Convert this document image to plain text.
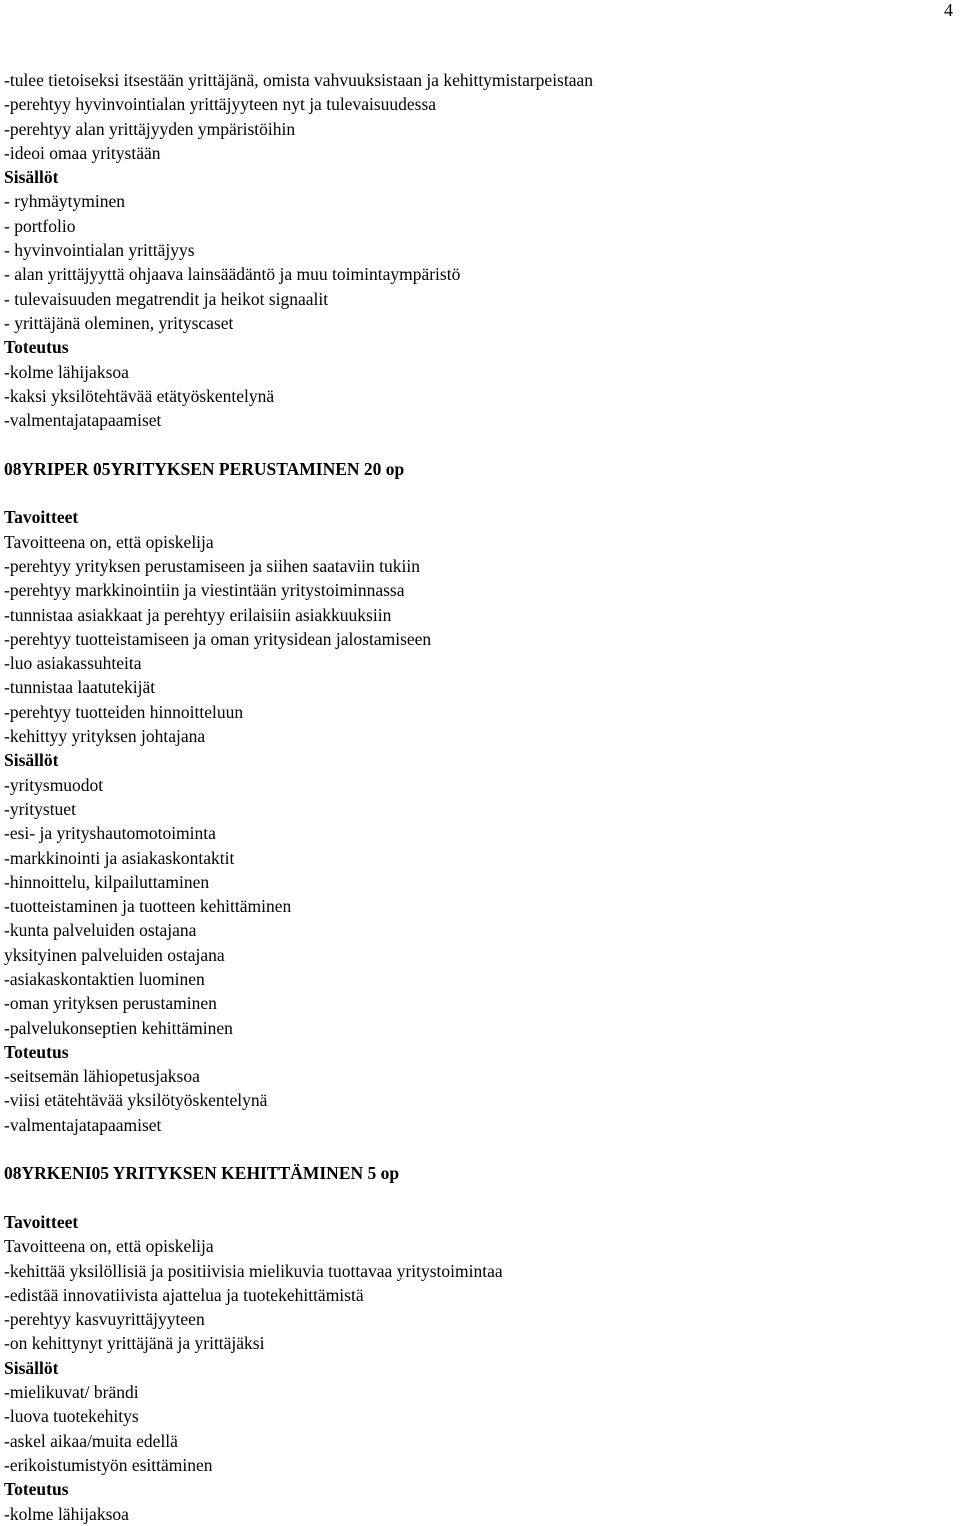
4
-tulee tietoiseksi itsestään yrittäjänä, omista vahvuuksistaan ja kehittymistarpeistaan
-perehtyy hyvinvointialan yrittäjyyteen nyt ja tulevaisuudessa
-perehtyy alan yrittäjyyden ympäristöihin
-ideoi omaa yritystään
Sisällöt
- ryhmäytyminen
- portfolio
- hyvinvointialan yrittäjyys
- alan yrittäjyyttä ohjaava lainsäädäntö ja muu toimintaympäristö
- tulevaisuuden megatrendit ja heikot signaalit
- yrittäjänä oleminen, yrityscaset
Toteutus
-kolme lähijaksoa
-kaksi yksilötehtävää etätyöskentelynä
-valmentajatapaamiset
08YRIPER 05YRITYKSEN PERUSTAMINEN 20 op
Tavoitteet
Tavoitteena on, että opiskelija
-perehtyy yrityksen perustamiseen ja siihen saataviin tukiin
-perehtyy markkinointiin ja viestintään yritystoiminnassa
-tunnistaa asiakkaat ja perehtyy erilaisiin asiakkuuksiin
-perehtyy tuotteistamiseen ja oman yritysidean jalostamiseen
-luo asiakassuhteita
-tunnistaa laatutekijät
-perehtyy tuotteiden hinnoitteluun
-kehittyy yrityksen johtajana
Sisällöt
-yritysmuodot
-yritystuet
-esi- ja yrityshautomotoiminta
-markkinointi ja asiakaskontaktit
-hinnoittelu, kilpailuttaminen
-tuotteistaminen ja tuotteen kehittäminen
-kunta palveluiden ostajana
yksityinen palveluiden ostajana
-asiakaskontaktien luominen
-oman yrityksen perustaminen
-palvelukonseptien kehittäminen
Toteutus
-seitsemän lähiopetusjaksoa
-viisi etätehtävää yksilötyöskentelynä
-valmentajatapaamiset
08YRKENI05 YRITYKSEN KEHITTÄMINEN 5 op
Tavoitteet
Tavoitteena on, että opiskelija
-kehittää yksilöllisiä ja positiivisia mielikuvia tuottavaa yritystoimintaa
-edistää innovatiivista ajattelua ja tuotekehittämistä
-perehtyy kasvuyrittäjyyteen
-on kehittynyt yrittäjänä ja yrittäjäksi
Sisällöt
-mielikuvat/ brändi
-luova tuotekehitys
-askel aikaa/muita edellä
-erikoistumistyön esittäminen
Toteutus
-kolme lähijaksoa
